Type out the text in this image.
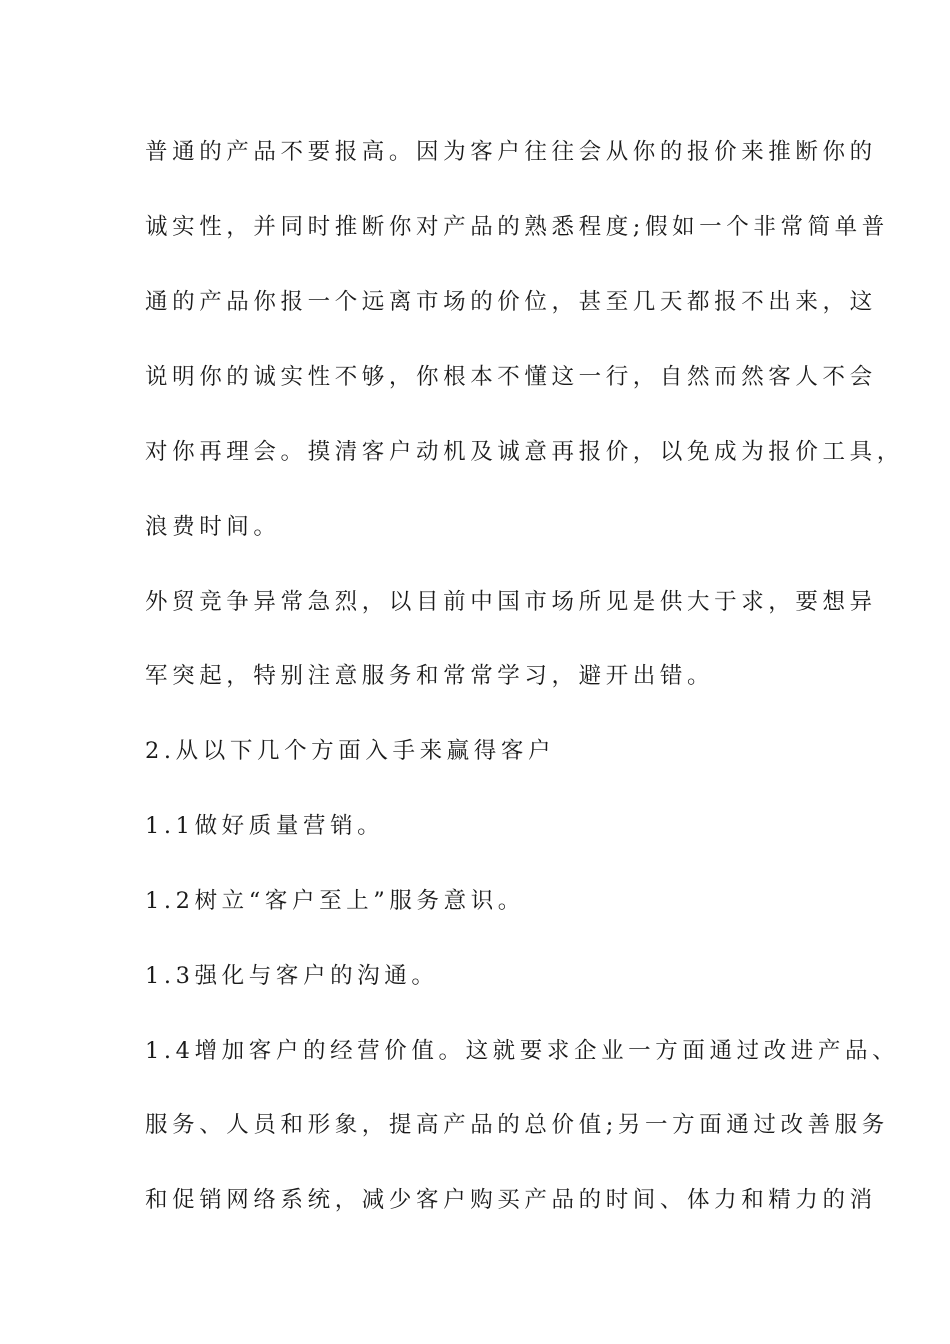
普通的产品不要报高。因为客户往往会从你的报价来推断你的

诚实性，并同时推断你对产品的熟悉程度;假如一个非常简单普

通的产品你报一个远离市场的价位，甚至几天都报不出来，这

说明你的诚实性不够，你根本不懂这一行，自然而然客人不会

对你再理会。摸清客户动机及诚意再报价，以免成为报价工具，

浪费时间。

外贸竞争异常急烈，以目前中国市场所见是供大于求，要想异

军突起，特别注意服务和常常学习，避开出错。

2.从以下几个方面入手来赢得客户

1.1做好质量营销。

1.2树立“客户至上”服务意识。

1.3强化与客户的沟通。

1.4增加客户的经营价值。这就要求企业一方面通过改进产品、

服务、人员和形象，提高产品的总价值;另一方面通过改善服务

和促销网络系统，减少客户购买产品的时间、体力和精力的消
